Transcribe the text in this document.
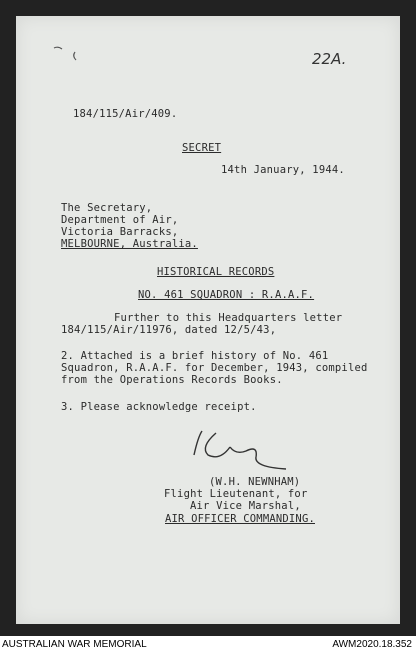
22A.
184/115/Air/409.
SECRET
14th January, 1944.
The Secretary,
Department of Air,
Victoria Barracks,
MELBOURNE, Australia.
HISTORICAL RECORDS
NO. 461 SQUADRON : R.A.A.F.
Further to this Headquarters letter
184/115/Air/11976, dated 12/5/43,
2. Attached is a brief history of No. 461
Squadron, R.A.A.F. for December, 1943, compiled
from the Operations Records Books.
3. Please acknowledge receipt.
(W.H. NEWNHAM)
Flight Lieutenant, for
Air Vice Marshal,
AIR OFFICER COMMANDING.
AUSTRALIAN WAR MEMORIAL	AWM2020.18.352
